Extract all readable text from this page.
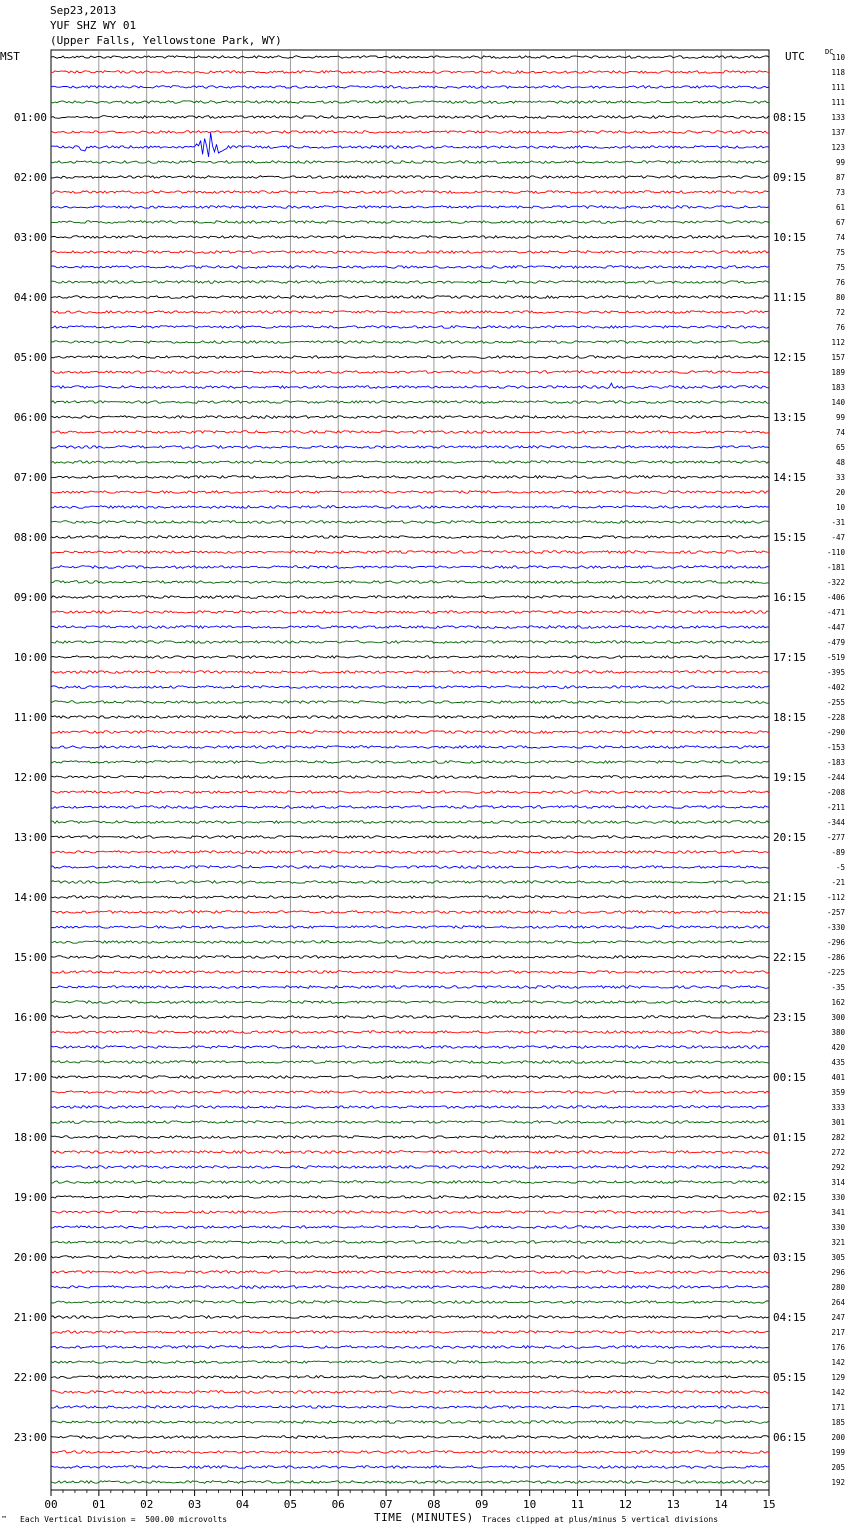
Sep23,2013
YUF SHZ WY 01
(Upper Falls, Yellowstone Park, WY)
MST	UTC	DC
00	01	02	03	04	05	06	07	08	09	10	11	12	13	14	15
110
118
111
111
133
01:00	08:15
137
123
99
87
02:00	09:15
73
61
67
74
03:00	10:15
75
75
76
80
04:00	11:15
72
76
112
157
05:00	12:15
189
183
140
99
06:00	13:15
74
65
48
33
07:00	14:15
20
10
-31
-47
08:00	15:15
-110
-181
-322
-406
09:00	16:15
-471
-447
-479
-519
10:00	17:15
-395
-402
-255
-228
11:00	18:15
-290
-153
-183
-244
12:00	19:15
-208
-211
-344
-277
13:00	20:15
-89
-5
-21
-112
14:00	21:15
-257
-330
-296
-286
15:00	22:15
-225
-35
162
300
16:00	23:15
380
420
435
401
17:00	00:15
359
333
301
282
18:00	01:15
272
292
314
330
19:00	02:15
341
330
321
305
20:00	03:15
296
280
264
247
21:00	04:15
217
176
142
129
22:00	05:15
142
171
185
200
23:00	06:15
199
205
192
TIME (MINUTES)
™ Each Vertical Division =  500.00 microvolts	Traces clipped at plus/minus 5 vertical divisions
